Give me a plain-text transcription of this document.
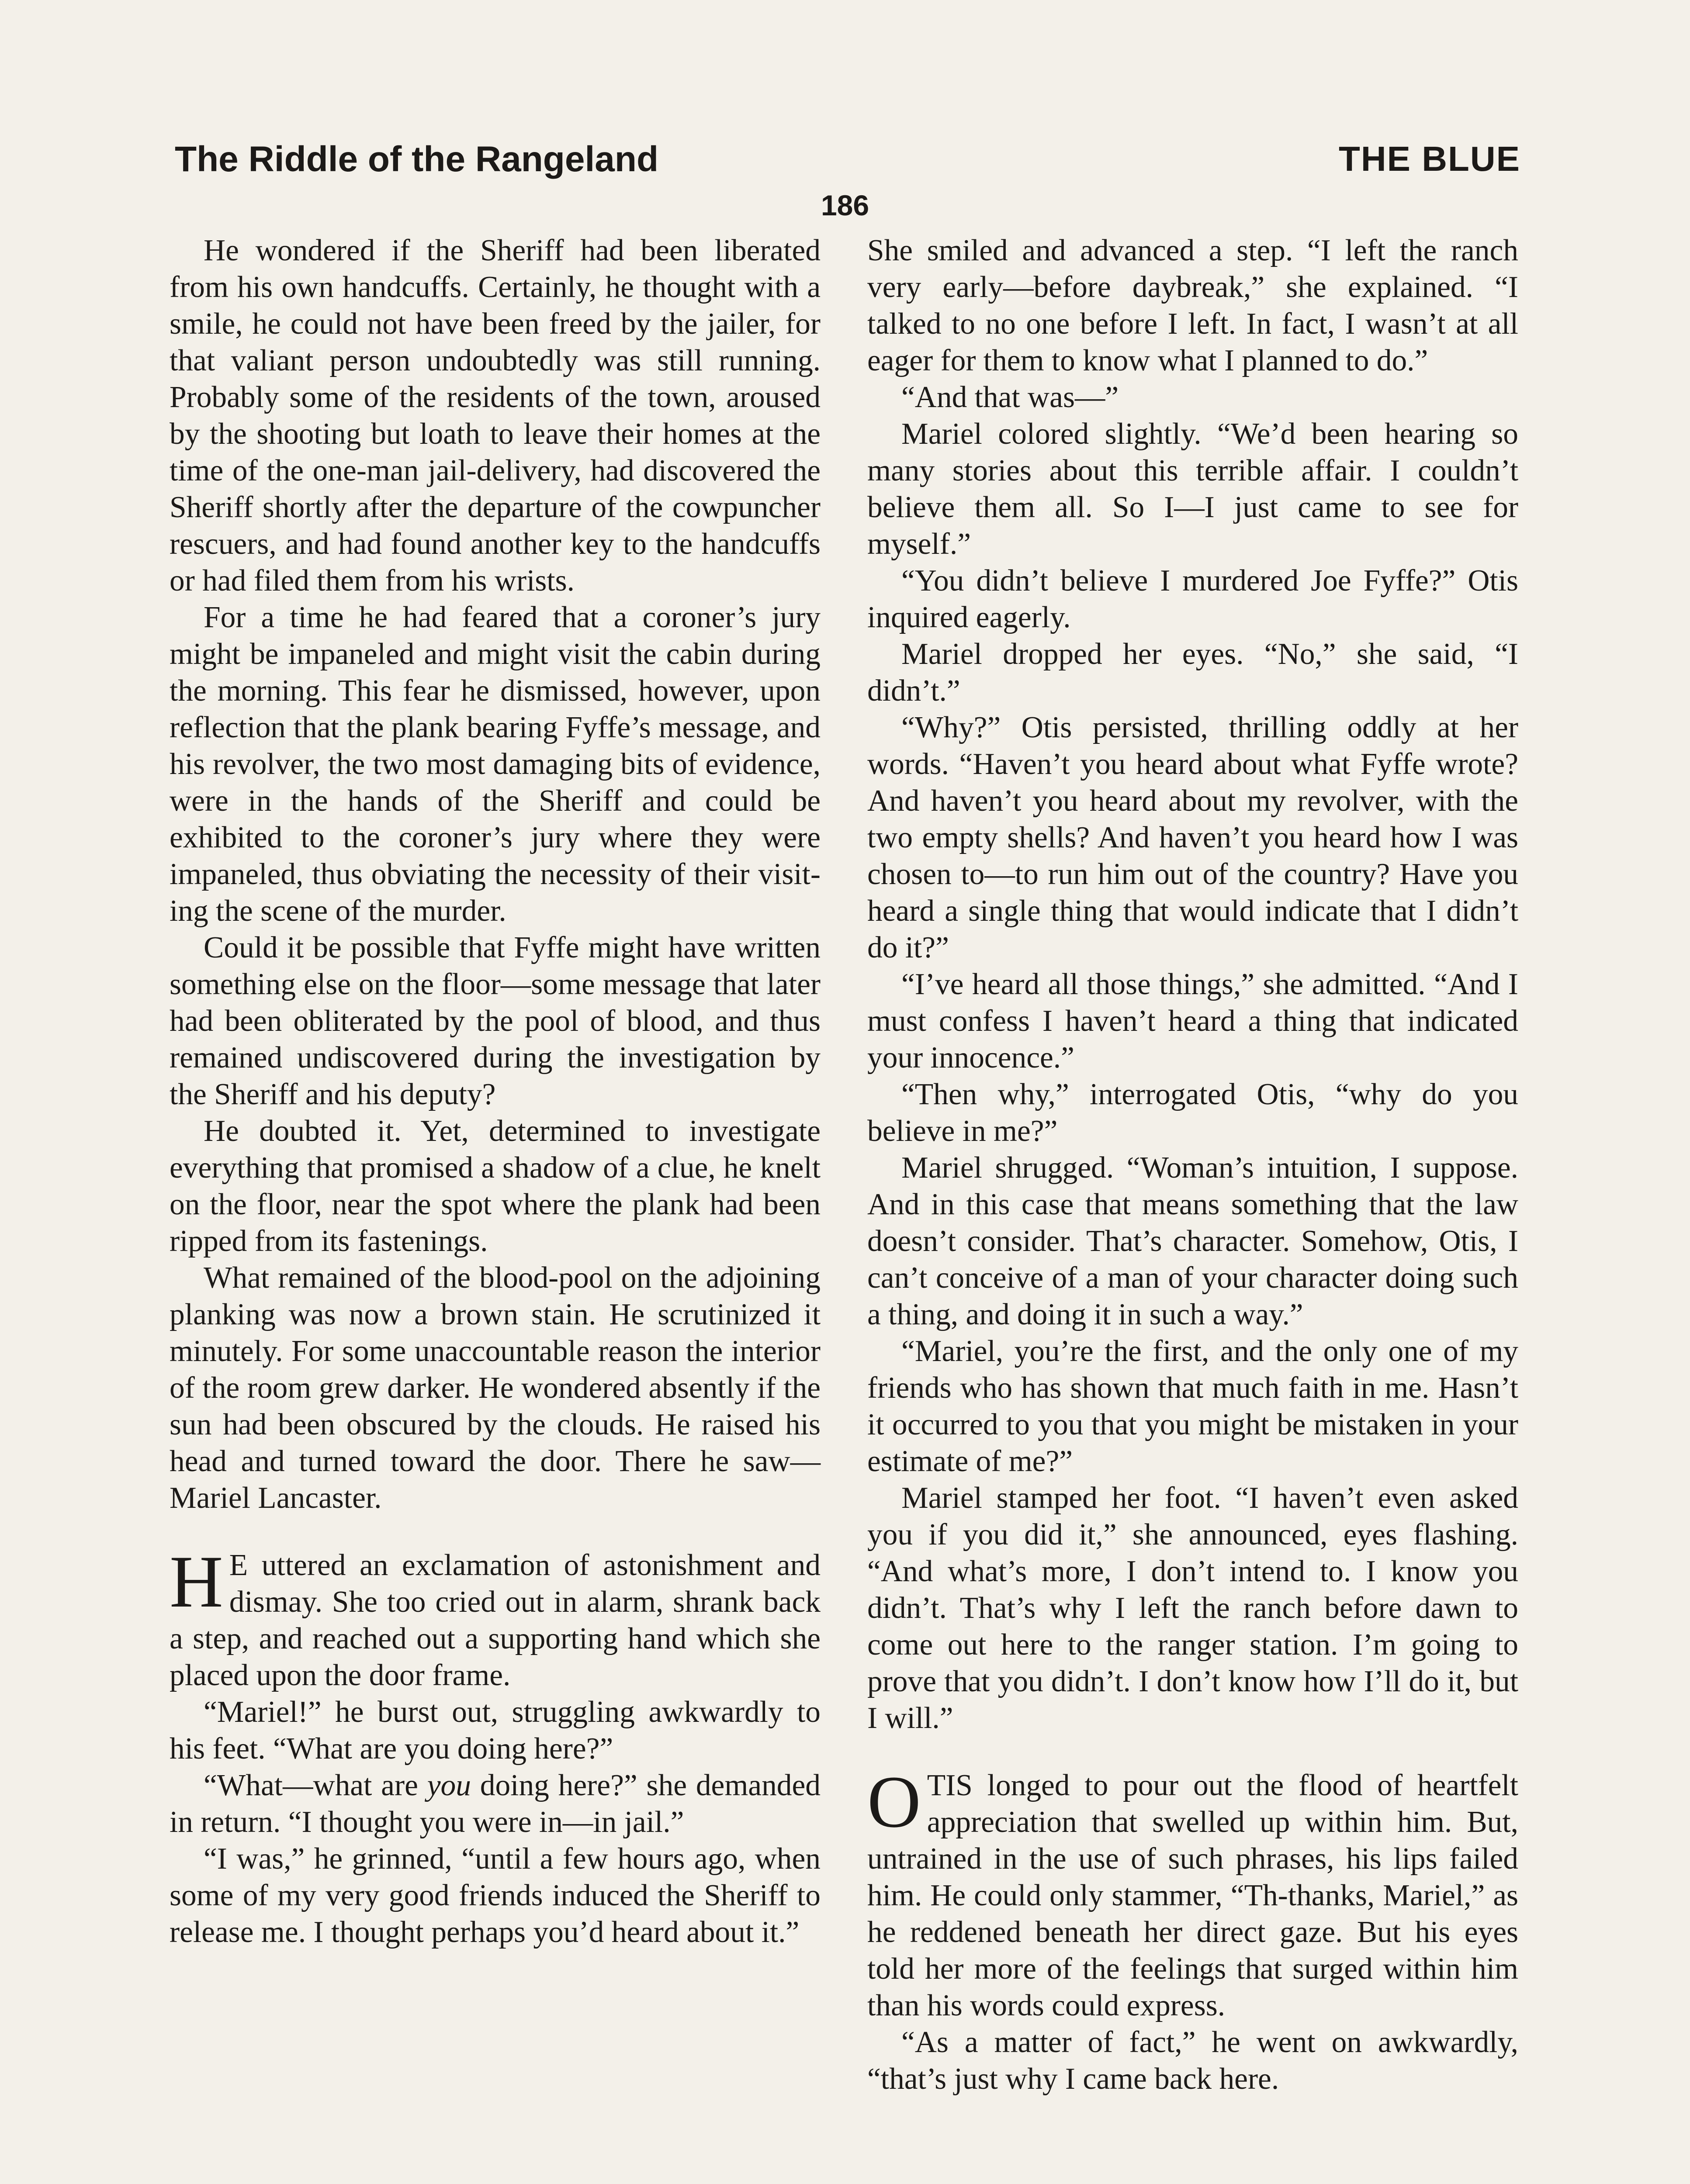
The Riddle of the Rangeland	THE BLUE
186

He wondered if the Sheriff had been liberated from his own handcuffs. Certainly, he thought with a smile, he could not have been freed by the jailer, for that valiant person undoubtedly was still running. Probably some of the residents of the town, aroused by the shooting but loath to leave their homes at the time of the one-man jail-delivery, had discovered the Sheriff shortly after the departure of the cowpuncher rescuers, and had found another key to the handcuffs or had filed them from his wrists.

For a time he had feared that a coroner’s jury might be impaneled and might visit the cabin during the morning. This fear he dismissed, however, upon reflection that the plank bearing Fyffe’s message, and his revolver, the two most damaging bits of evidence, were in the hands of the Sheriff and could be exhibited to the coroner’s jury where they were impaneled, thus obviating the necessity of their visiting the scene of the murder.

Could it be possible that Fyffe might have written something else on the floor—some message that later had been obliterated by the pool of blood, and thus remained undiscovered during the investigation by the Sheriff and his deputy?

He doubted it. Yet, determined to investigate everything that promised a shadow of a clue, he knelt on the floor, near the spot where the plank had been ripped from its fastenings.

What remained of the blood-pool on the adjoining planking was now a brown stain. He scrutinized it minutely. For some unaccountable reason the interior of the room grew darker. He wondered absently if the sun had been obscured by the clouds. He raised his head and turned toward the door. There he saw—Mariel Lancaster.

H E uttered an exclamation of astonishment and dismay. She too cried out in alarm, shrank back a step, and reached out a supporting hand which she placed upon the door frame.

“Mariel!” he burst out, struggling awkwardly to his feet. “What are you doing here?”

“What—what are you doing here?” she demanded in return. “I thought you were in—in jail.”

“I was,” he grinned, “until a few hours ago, when some of my very good friends induced the Sheriff to release me. I thought perhaps you’d heard about it.”

She smiled and advanced a step. “I left the ranch very early—before daybreak,” she explained. “I talked to no one before I left. In fact, I wasn’t at all eager for them to know what I planned to do.”

“And that was—”

Mariel colored slightly. “We’d been hearing so many stories about this terrible affair. I couldn’t believe them all. So I—I just came to see for myself.”

“You didn’t believe I murdered Joe Fyffe?” Otis inquired eagerly.

Mariel dropped her eyes. “No,” she said, “I didn’t.”

“Why?” Otis persisted, thrilling oddly at her words. “Haven’t you heard about what Fyffe wrote? And haven’t you heard about my revolver, with the two empty shells? And haven’t you heard how I was chosen to—to run him out of the country? Have you heard a single thing that would indicate that I didn’t do it?”

“I’ve heard all those things,” she admitted. “And I must confess I haven’t heard a thing that indicated your innocence.”

“Then why,” interrogated Otis, “why do you believe in me?”

Mariel shrugged. “Woman’s intuition, I suppose. And in this case that means something that the law doesn’t consider. That’s character. Somehow, Otis, I can’t conceive of a man of your character doing such a thing, and doing it in such a way.”

“Mariel, you’re the first, and the only one of my friends who has shown that much faith in me. Hasn’t it occurred to you that you might be mistaken in your estimate of me?”

Mariel stamped her foot. “I haven’t even asked you if you did it,” she announced, eyes flashing. “And what’s more, I don’t intend to. I know you didn’t. That’s why I left the ranch before dawn to come out here to the ranger station. I’m going to prove that you didn’t. I don’t know how I’ll do it, but I will.”

OTIS longed to pour out the flood of heartfelt appreciation that swelled up within him. But, untrained in the use of such phrases, his lips failed him. He could only stammer, “Th-thanks, Mariel,” as he reddened beneath her direct gaze. But his eyes told her more of the feelings that surged within him than his words could express.

“As a matter of fact,” he went on awkwardly, “that’s just why I came back here.
